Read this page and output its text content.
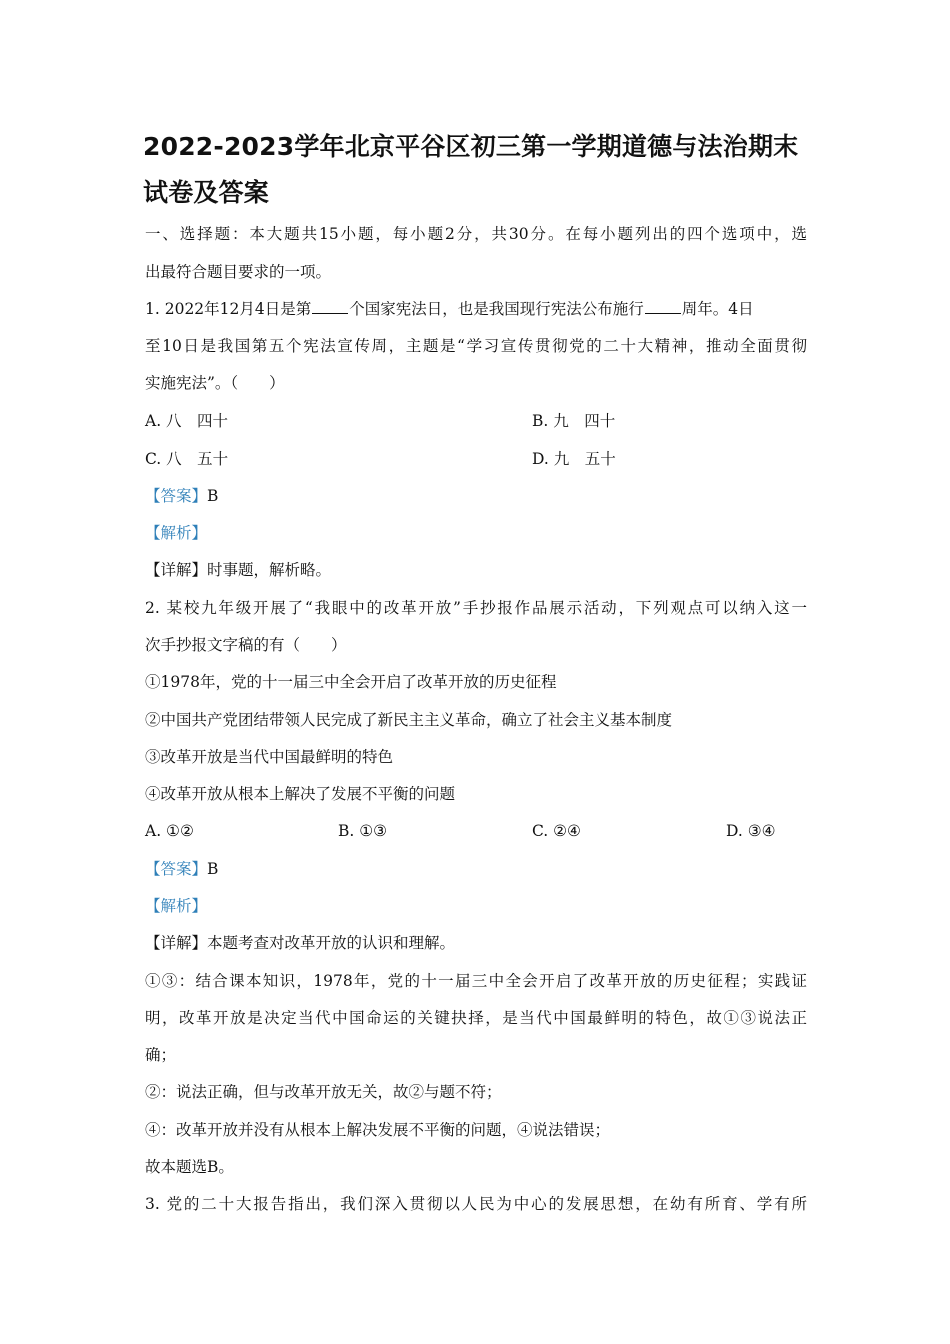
2022-2023学年北京平谷区初三第一学期道德与法治期末试卷及答案
一、选择题：本大题共15小题，每小题2分，共30分。在每小题列出的四个选项中，选
出最符合题目要求的一项。
1. 2022年12月4日是第 个国家宪法日，也是我国现行宪法公布施行 周年。4日
至10日是我国第五个宪法宣传周，主题是“学习宣传贯彻党的二十大精神，推动全面贯彻
实施宪法”。（　　）
A. 八　四十	B. 九　四十
C. 八　五十	D. 九　五十
【答案】B
【解析】
【详解】时事题，解析略。
2. 某校九年级开展了“我眼中的改革开放”手抄报作品展示活动，下列观点可以纳入这一
次手抄报文字稿的有（　　）
①1978年，党的十一届三中全会开启了改革开放的历史征程
②中国共产党团结带领人民完成了新民主主义革命，确立了社会主义基本制度
③改革开放是当代中国最鲜明的特色
④改革开放从根本上解决了发展不平衡的问题
A. ①②	B. ①③	C. ②④	D. ③④
【答案】B
【解析】
【详解】本题考查对改革开放的认识和理解。
①③：结合课本知识，1978年，党的十一届三中全会开启了改革开放的历史征程；实践证
明，改革开放是决定当代中国命运的关键抉择，是当代中国最鲜明的特色，故①③说法正
确；
②：说法正确，但与改革开放无关，故②与题不符；
④：改革开放并没有从根本上解决发展不平衡的问题，④说法错误；
故本题选B。
3. 党的二十大报告指出，我们深入贯彻以人民为中心的发展思想，在幼有所育、学有所
